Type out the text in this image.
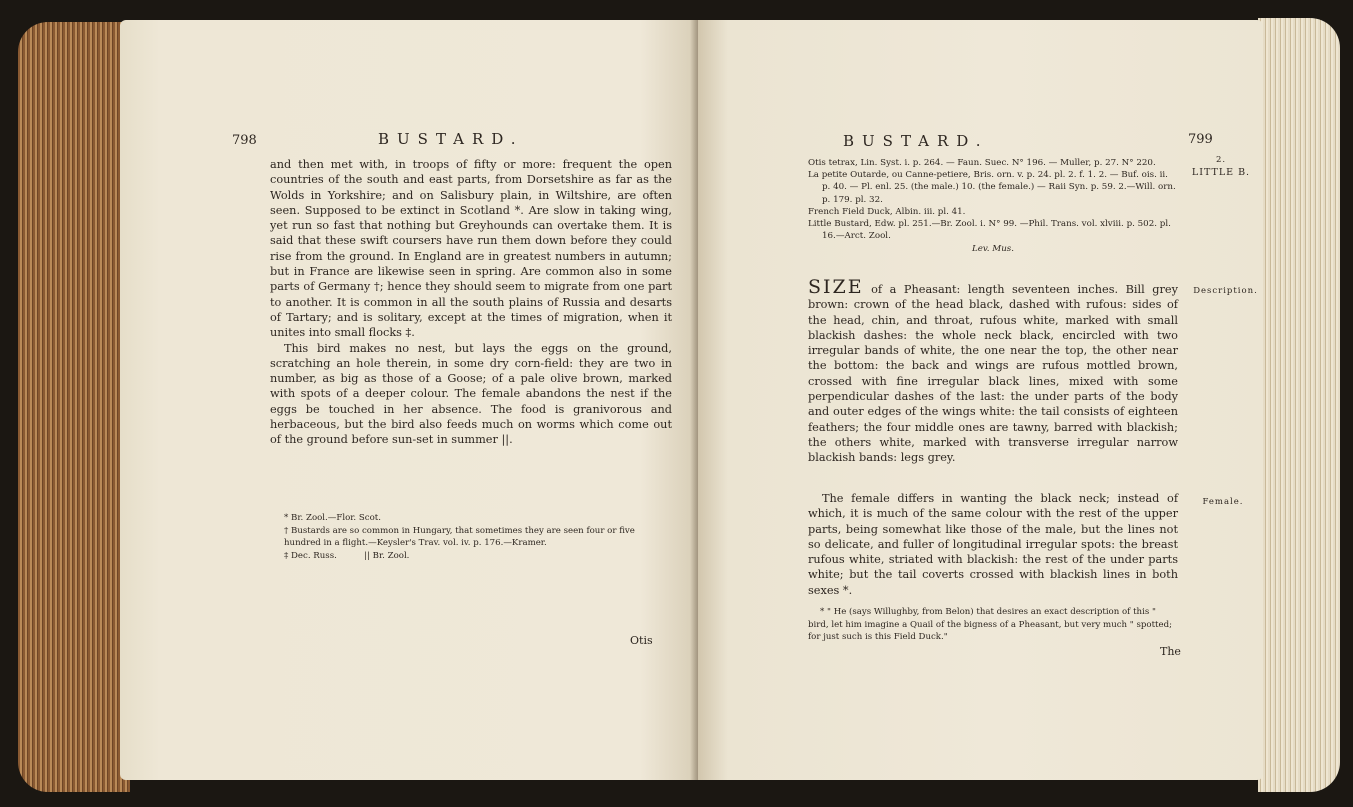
798	BUSTARD.

and then met with, in troops of fifty or more: frequent the open countries of the south and east parts, from Dorsetshire as far as the Wolds in Yorkshire; and on Salisbury plain, in Wiltshire, are often seen. Supposed to be extinct in Scotland *. Are slow in taking wing, yet run so fast that nothing but Greyhounds can overtake them. It is said that these swift coursers have run them down before they could rise from the ground. In England are in greatest numbers in autumn; but in France are likewise seen in spring. Are common also in some parts of Germany †; hence they should seem to migrate from one part to another. It is common in all the south plains of Russia and desarts of Tartary; and is solitary, except at the times of migration, when it unites into small flocks ‡.

This bird makes no nest, but lays the eggs on the ground, scratching an hole therein, in some dry corn-field: they are two in number, as big as those of a Goose; of a pale olive brown, marked with spots of a deeper colour. The female abandons the nest if the eggs be touched in her absence. The food is granivorous and herbaceous, but the bird also feeds much on worms which come out of the ground before sun-set in summer ||.

* Br. Zool.—Flor. Scot.

† Bustards are so common in Hungary, that sometimes they are seen four or five hundred in a flight.—Keysler's Trav. vol. iv. p. 176.—Kramer.

‡ Dec. Russ.          || Br. Zool.

Otis
BUSTARD.	799
2.
LITTLE B.

Otis tetrax, Lin. Syst. i. p. 264. — Faun. Suec. N° 196. — Muller, p. 27. N° 220.

La petite Outarde, ou Canne-petiere, Bris. orn. v. p. 24. pl. 2. f. 1. 2. — Buf. ois. ii. p. 40. — Pl. enl. 25. (the male.) 10. (the female.) — Raii Syn. p. 59. 2.—Will. orn. p. 179. pl. 32.

French Field Duck, Albin. iii. pl. 41.

Little Bustard, Edw. pl. 251.—Br. Zool. i. N° 99. —Phil. Trans. vol. xlviii. p. 502. pl. 16.—Arct. Zool.

Lev. Mus.

Description.

SIZE of a Pheasant: length seventeen inches. Bill grey brown: crown of the head black, dashed with rufous: sides of the head, chin, and throat, rufous white, marked with small blackish dashes: the whole neck black, encircled with two irregular bands of white, the one near the top, the other near the bottom: the back and wings are rufous mottled brown, crossed with fine irregular black lines, mixed with some perpendicular dashes of the last: the under parts of the body and outer edges of the wings white: the tail consists of eighteen feathers; the four middle ones are tawny, barred with blackish; the others white, marked with transverse irregular narrow blackish bands: legs grey.

Female.

The female differs in wanting the black neck; instead of which, it is much of the same colour with the rest of the upper parts, being somewhat like those of the male, but the lines not so delicate, and fuller of longitudinal irregular spots: the breast rufous white, striated with blackish: the rest of the under parts white; but the tail coverts crossed with blackish lines in both sexes *.

* " He (says Willughby, from Belon) that desires an exact description of this " bird, let him imagine a Quail of the bigness of a Pheasant, but very much " spotted; for just such is this Field Duck."

The
